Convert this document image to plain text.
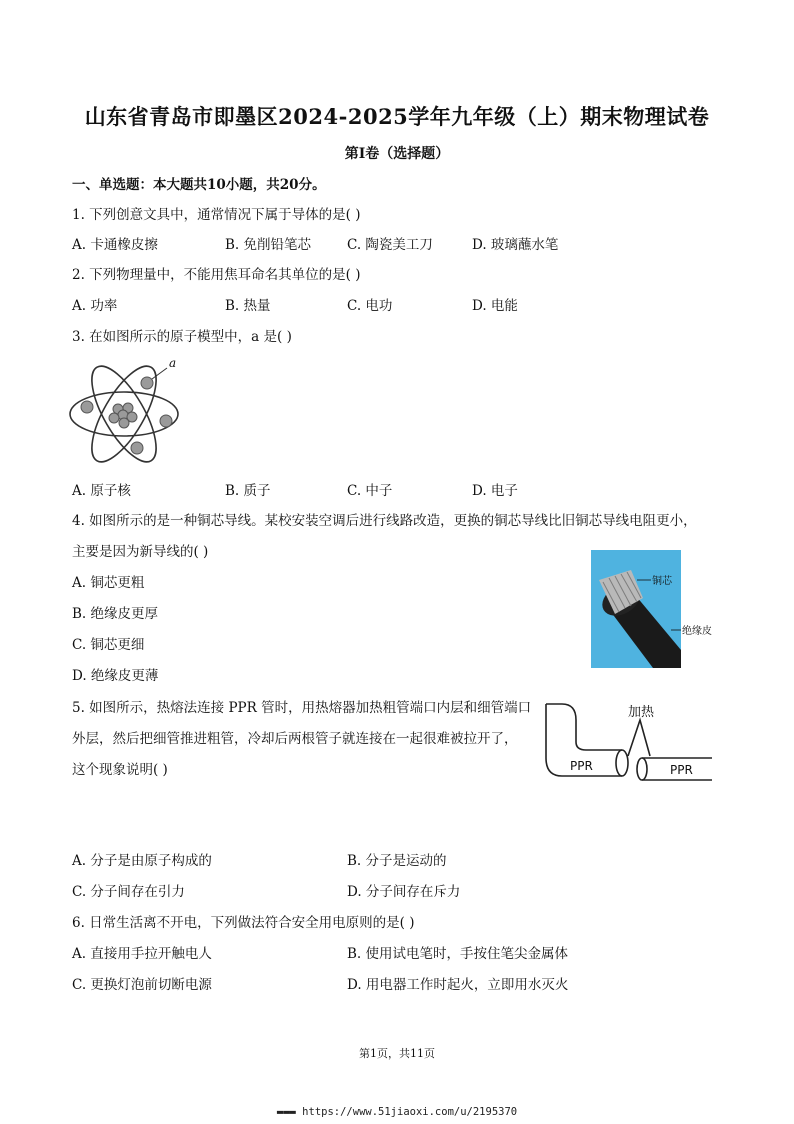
山东省青岛市即墨区2024-2025学年九年级（上）期末物理试卷
第Ⅰ卷（选择题）
一、单选题：本大题共10小题，共20分。
1. 下列创意文具中，通常情况下属于导体的是( )
A. 卡通橡皮擦	B. 免削铅笔芯	C. 陶瓷美工刀	D. 玻璃蘸水笔
2. 下列物理量中，不能用焦耳命名其单位的是( )
A. 功率	B. 热量	C. 电功	D. 电能
3. 在如图所示的原子模型中，a 是( )
a
A. 原子核	B. 质子	C. 中子	D. 电子
4. 如图所示的是一种铜芯导线。某校安装空调后进行线路改造，更换的铜芯导线比旧铜芯导线电阻更小，
主要是因为新导线的( )
A. 铜芯更粗
B. 绝缘皮更厚
C. 铜芯更细
D. 绝缘皮更薄
铜芯
绝缘皮
5. 如图所示，热熔法连接 PPR 管时，用热熔器加热粗管端口内层和细管端口
外层，然后把细管推进粗管，冷却后两根管子就连接在一起很难被拉开了，
这个现象说明( )
加热
PPR	PPR
A. 分子是由原子构成的	B. 分子是运动的
C. 分子间存在引力	D. 分子间存在斥力
6. 日常生活离不开电，下列做法符合安全用电原则的是( )
A. 直接用手拉开触电人	B. 使用试电笔时，手按住笔尖金属体
C. 更换灯泡前切断电源	D. 用电器工作时起火，立即用水灭火
第1页，共11页
▬▬▬ https://www.51jiaoxi.com/u/2195370
